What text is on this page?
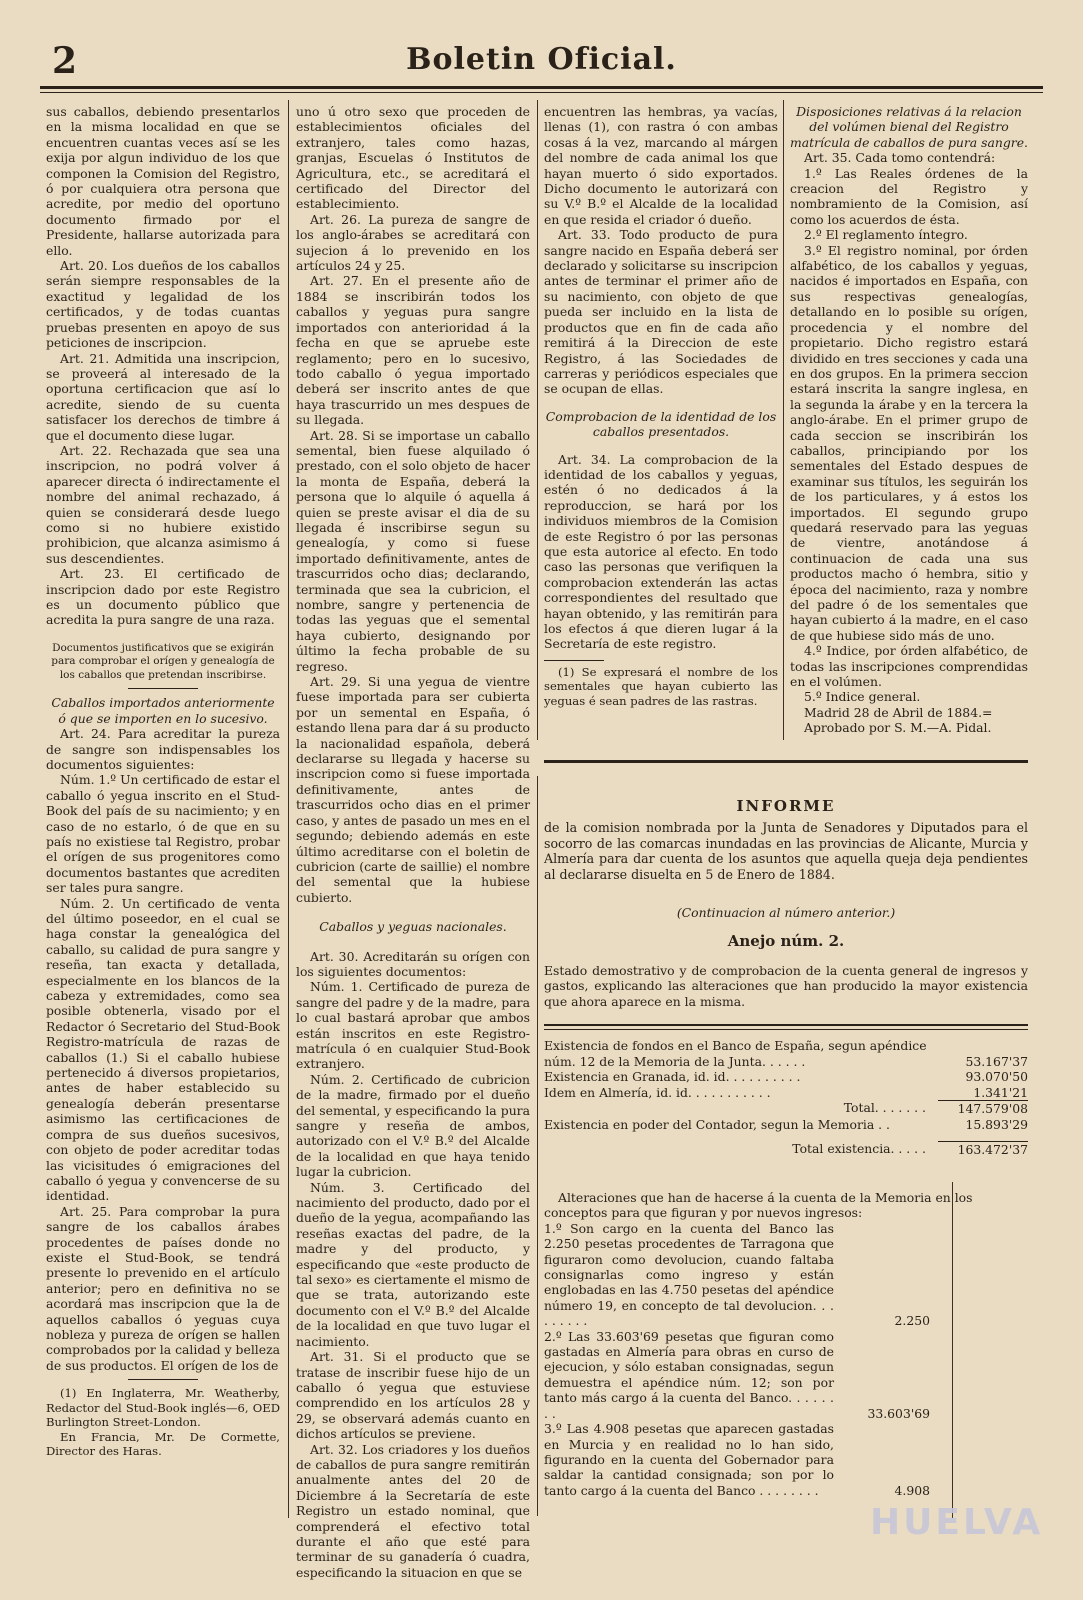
2	Boletin Oficial.

sus caballos, debiendo presentarlos en la misma localidad en que se encuentren cuantas veces así se les exija por algun individuo de los que componen la Comision del Registro, ó por cualquiera otra persona que acredite, por medio del oportuno documento firmado por el Presidente, hallarse autorizada para ello.

Art. 20. Los dueños de los caballos serán siempre responsables de la exactitud y legalidad de los certificados, y de todas cuantas pruebas presenten en apoyo de sus peticiones de inscripcion.

Art. 21. Admitida una inscripcion, se proveerá al interesado de la oportuna certificacion que así lo acredite, siendo de su cuenta satisfacer los derechos de timbre á que el documento diese lugar.

Art. 22. Rechazada que sea una inscripcion, no podrá volver á aparecer directa ó indirectamente el nombre del animal rechazado, á quien se considerará desde luego como si no hubiere existido prohibicion, que alcanza asimismo á sus descendientes.

Art. 23. El certificado de inscripcion dado por este Registro es un documento público que acredita la pura sangre de una raza.

Documentos justificativos que se exigirán para comprobar el orígen y genealogía de los caballos que pretendan inscribirse.

Caballos importados anteriormente ó que se importen en lo sucesivo.

Art. 24. Para acreditar la pureza de sangre son indispensables los documentos siguientes:

Núm. 1.º Un certificado de estar el caballo ó yegua inscrito en el Stud-Book del país de su nacimiento; y en caso de no estarlo, ó de que en su país no existiese tal Registro, probar el orígen de sus progenitores como documentos bastantes que acrediten ser tales pura sangre.

Núm. 2. Un certificado de venta del último poseedor, en el cual se haga constar la genealógica del caballo, su calidad de pura sangre y reseña, tan exacta y detallada, especialmente en los blancos de la cabeza y extremidades, como sea posible obtenerla, visado por el Redactor ó Secretario del Stud-Book Registro-matrícula de razas de caballos (1.) Si el caballo hubiese pertenecido á diversos propietarios, antes de haber establecido su genealogía deberán presentarse asimismo las certificaciones de compra de sus dueños sucesivos, con objeto de poder acreditar todas las vicisitudes ó emigraciones del caballo ó yegua y convencerse de su identidad.

Art. 25. Para comprobar la pura sangre de los caballos árabes procedentes de países donde no existe el Stud-Book, se tendrá presente lo prevenido en el artículo anterior; pero en definitiva no se acordará mas inscripcion que la de aquellos caballos ó yeguas cuya nobleza y pureza de orígen se hallen comprobados por la calidad y belleza de sus productos. El orígen de los de

(1) En Inglaterra, Mr. Weatherby, Redactor del Stud-Book inglés—6, OED Burlington Street-London.

En Francia, Mr. De Cormette, Director des Haras.

uno ú otro sexo que proceden de establecimientos oficiales del extranjero, tales como hazas, granjas, Escuelas ó Institutos de Agricultura, etc., se acreditará el certificado del Director del establecimiento.

Art. 26. La pureza de sangre de los anglo-árabes se acreditará con sujecion á lo prevenido en los artículos 24 y 25.

Art. 27. En el presente año de 1884 se inscribirán todos los caballos y yeguas pura sangre importados con anterioridad á la fecha en que se apruebe este reglamento; pero en lo sucesivo, todo caballo ó yegua importado deberá ser inscrito antes de que haya trascurrido un mes despues de su llegada.

Art. 28. Si se importase un caballo semental, bien fuese alquilado ó prestado, con el solo objeto de hacer la monta de España, deberá la persona que lo alquile ó aquella á quien se preste avisar el dia de su llegada é inscribirse segun su genealogía, y como si fuese importado definitivamente, antes de trascurridos ocho dias; declarando, terminada que sea la cubricion, el nombre, sangre y pertenencia de todas las yeguas que el semental haya cubierto, designando por último la fecha probable de su regreso.

Art. 29. Si una yegua de vientre fuese importada para ser cubierta por un semental en España, ó estando llena para dar á su producto la nacionalidad española, deberá declararse su llegada y hacerse su inscripcion como si fuese importada definitivamente, antes de trascurridos ocho dias en el primer caso, y antes de pasado un mes en el segundo; debiendo además en este último acreditarse con el boletin de cubricion (carte de saillie) el nombre del semental que la hubiese cubierto.

Caballos y yeguas nacionales.

Art. 30. Acreditarán su orígen con los siguientes documentos:

Núm. 1. Certificado de pureza de sangre del padre y de la madre, para lo cual bastará aprobar que ambos están inscritos en este Registro-matrícula ó en cualquier Stud-Book extranjero.

Núm. 2. Certificado de cubricion de la madre, firmado por el dueño del semental, y especificando la pura sangre y reseña de ambos, autorizado con el V.º B.º del Alcalde de la localidad en que haya tenido lugar la cubricion.

Núm. 3. Certificado del nacimiento del producto, dado por el dueño de la yegua, acompañando las reseñas exactas del padre, de la madre y del producto, y especificando que «este producto de tal sexo» es ciertamente el mismo de que se trata, autorizando este documento con el V.º B.º del Alcalde de la localidad en que tuvo lugar el nacimiento.

Art. 31. Si el producto que se tratase de inscribir fuese hijo de un caballo ó yegua que estuviese comprendido en los artículos 28 y 29, se observará además cuanto en dichos artículos se previene.

Art. 32. Los criadores y los dueños de caballos de pura sangre remitirán anualmente antes del 20 de Diciembre á la Secretaría de este Registro un estado nominal, que comprenderá el efectivo total durante el año que esté para terminar de su ganadería ó cuadra, especificando la situacion en que se

encuentren las hembras, ya vacías, llenas (1), con rastra ó con ambas cosas á la vez, marcando al márgen del nombre de cada animal los que hayan muerto ó sido exportados. Dicho documento le autorizará con su V.º B.º el Alcalde de la localidad en que resida el criador ó dueño.

Art. 33. Todo producto de pura sangre nacido en España deberá ser declarado y solicitarse su inscripcion antes de terminar el primer año de su nacimiento, con objeto de que pueda ser incluido en la lista de productos que en fin de cada año remitirá á la Direccion de este Registro, á las Sociedades de carreras y periódicos especiales que se ocupan de ellas.

Comprobacion de la identidad de los caballos presentados.

Art. 34. La comprobacion de la identidad de los caballos y yeguas, estén ó no dedicados á la reproduccion, se hará por los individuos miembros de la Comision de este Registro ó por las personas que esta autorice al efecto. En todo caso las personas que verifiquen la comprobacion extenderán las actas correspondientes del resultado que hayan obtenido, y las remitirán para los efectos á que dieren lugar á la Secretaría de este registro.

(1) Se expresará el nombre de los sementales que hayan cubierto las yeguas é sean padres de las rastras.

Disposiciones relativas á la relacion del volúmen bienal del Registro matrícula de caballos de pura sangre.

Art. 35. Cada tomo contendrá:

1.º Las Reales órdenes de la creacion del Registro y nombramiento de la Comision, así como los acuerdos de ésta.

2.º El reglamento íntegro.

3.º El registro nominal, por órden alfabético, de los caballos y yeguas, nacidos é importados en España, con sus respectivas genealogías, detallando en lo posible su orígen, procedencia y el nombre del propietario. Dicho registro estará dividido en tres secciones y cada una en dos grupos. En la primera seccion estará inscrita la sangre inglesa, en la segunda la árabe y en la tercera la anglo-árabe. En el primer grupo de cada seccion se inscribirán los caballos, principiando por los sementales del Estado despues de examinar sus títulos, les seguirán los de los particulares, y á estos los importados. El segundo grupo quedará reservado para las yeguas de vientre, anotándose á continuacion de cada una sus productos macho ó hembra, sitio y época del nacimiento, raza y nombre del padre ó de los sementales que hayan cubierto á la madre, en el caso de que hubiese sido más de uno.

4.º Indice, por órden alfabético, de todas las inscripciones comprendidas en el volúmen.

5.º Indice general.

Madrid 28 de Abril de 1884.=

Aprobado por S. M.—A. Pidal.

INFORME
de la comision nombrada por la Junta de Senadores y Diputados para el socorro de las comarcas inundadas en las provincias de Alicante, Murcia y Almería para dar cuenta de los asuntos que aquella queja deja pendientes al declararse disuelta en 5 de Enero de 1884.
(Continuacion al número anterior.)
Anejo núm. 2.
Estado demostrativo y de comprobacion de la cuenta general de ingresos y gastos, explicando las alteraciones que han producido la mayor existencia que ahora aparece en la misma.
Existencia de fondos en el Banco de España, segun apéndice núm. 12 de la Memoria de la Junta. . . . . .	53.167'37
Existencia en Granada, id. id. . . . . . . . . .	93.070'50
Idem en Almería, id. id. . . . . . . . . . .	1.341'21
Total. . . . . . .	147.579'08
Existencia en poder del Contador, segun la Memoria . .	15.893'29
Total existencia. . . . .	163.472'37

Alteraciones que han de hacerse á la cuenta de la Memoria en los conceptos para que figuran y por nuevos ingresos:

1.º Son cargo en la cuenta del Banco las 2.250 pesetas procedentes de Tarragona que figuraron como devolucion, cuando faltaba consignarlas como ingreso y están englobadas en las 4.750 pesetas del apéndice número 19, en concepto de tal devolucion. . . . . . . . .	2.250
2.º Las 33.603'69 pesetas que figuran como gastadas en Almería para obras en curso de ejecucion, y sólo estaban consignadas, segun demuestra el apéndice núm. 12; son por tanto más cargo á la cuenta del Banco. . . . . . . .	33.603'69
3.º Las 4.908 pesetas que aparecen gastadas en Murcia y en realidad no lo han sido, figurando en la cuenta del Gobernador para saldar la cantidad consignada; son por lo tanto cargo á la cuenta del Banco . . . . . . . .	4.908
HUELVA
